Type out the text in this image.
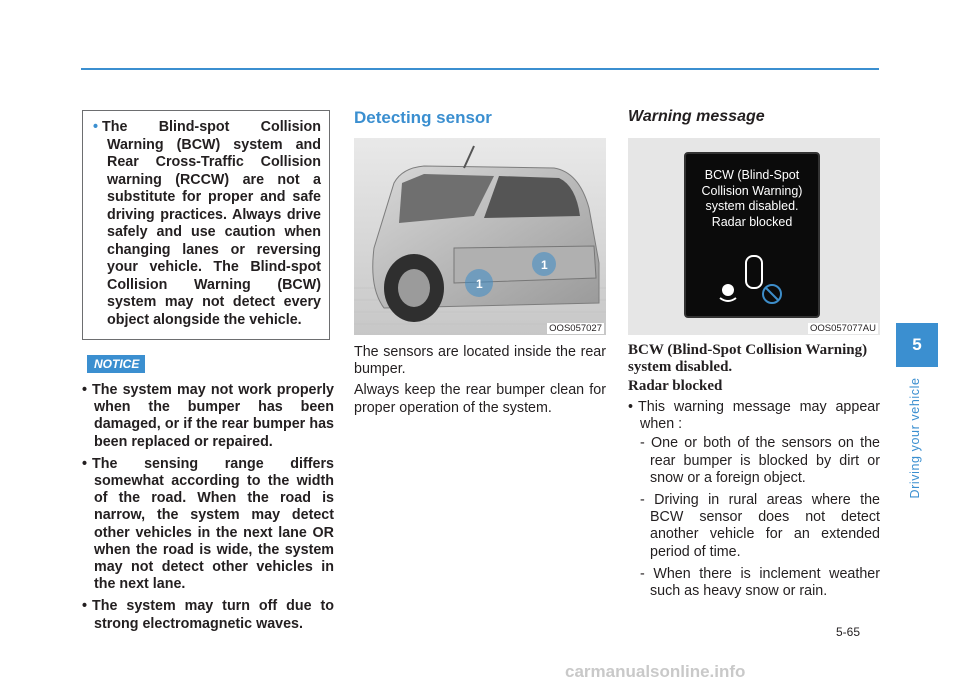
• The Blind-spot Collision Warning (BCW) system and Rear Cross-Traffic Collision warning (RCCW) are not a substitute for proper and safe driving practices. Always drive safely and use caution when changing lanes or reversing your vehicle. The Blind-spot Collision Warning (BCW) system may not detect every object alongside the vehicle.

NOTICE
• The system may not work properly when the bumper has been damaged, or if the rear bumper has been replaced or repaired.
• The sensing range differs somewhat according to the width of the road. When the road is narrow, the system may detect other vehicles in the next lane OR when the road is wide, the system may not detect other vehicles in the next lane.
• The system may turn off due to strong electromagnetic waves.
Detecting sensor
1
1
OOS057027

The sensors are located inside the rear bumper.

Always keep the rear bumper clean for proper operation of the system.

Warning message
BCW (Blind-Spot
Collision Warning)
system disabled.
Radar blocked
OOS057077AU
BCW (Blind-Spot Collision Warning) system disabled.
Radar blocked
• This warning message may appear when :
- One or both of the sensors on the rear bumper is blocked by dirt or snow or a foreign object.
- Driving in rural areas where the BCW sensor does not detect another vehicle for an extended period of time.
- When there is inclement weather such as heavy snow or rain.
5
Driving your vehicle
5-65
carmanualsonline.info
